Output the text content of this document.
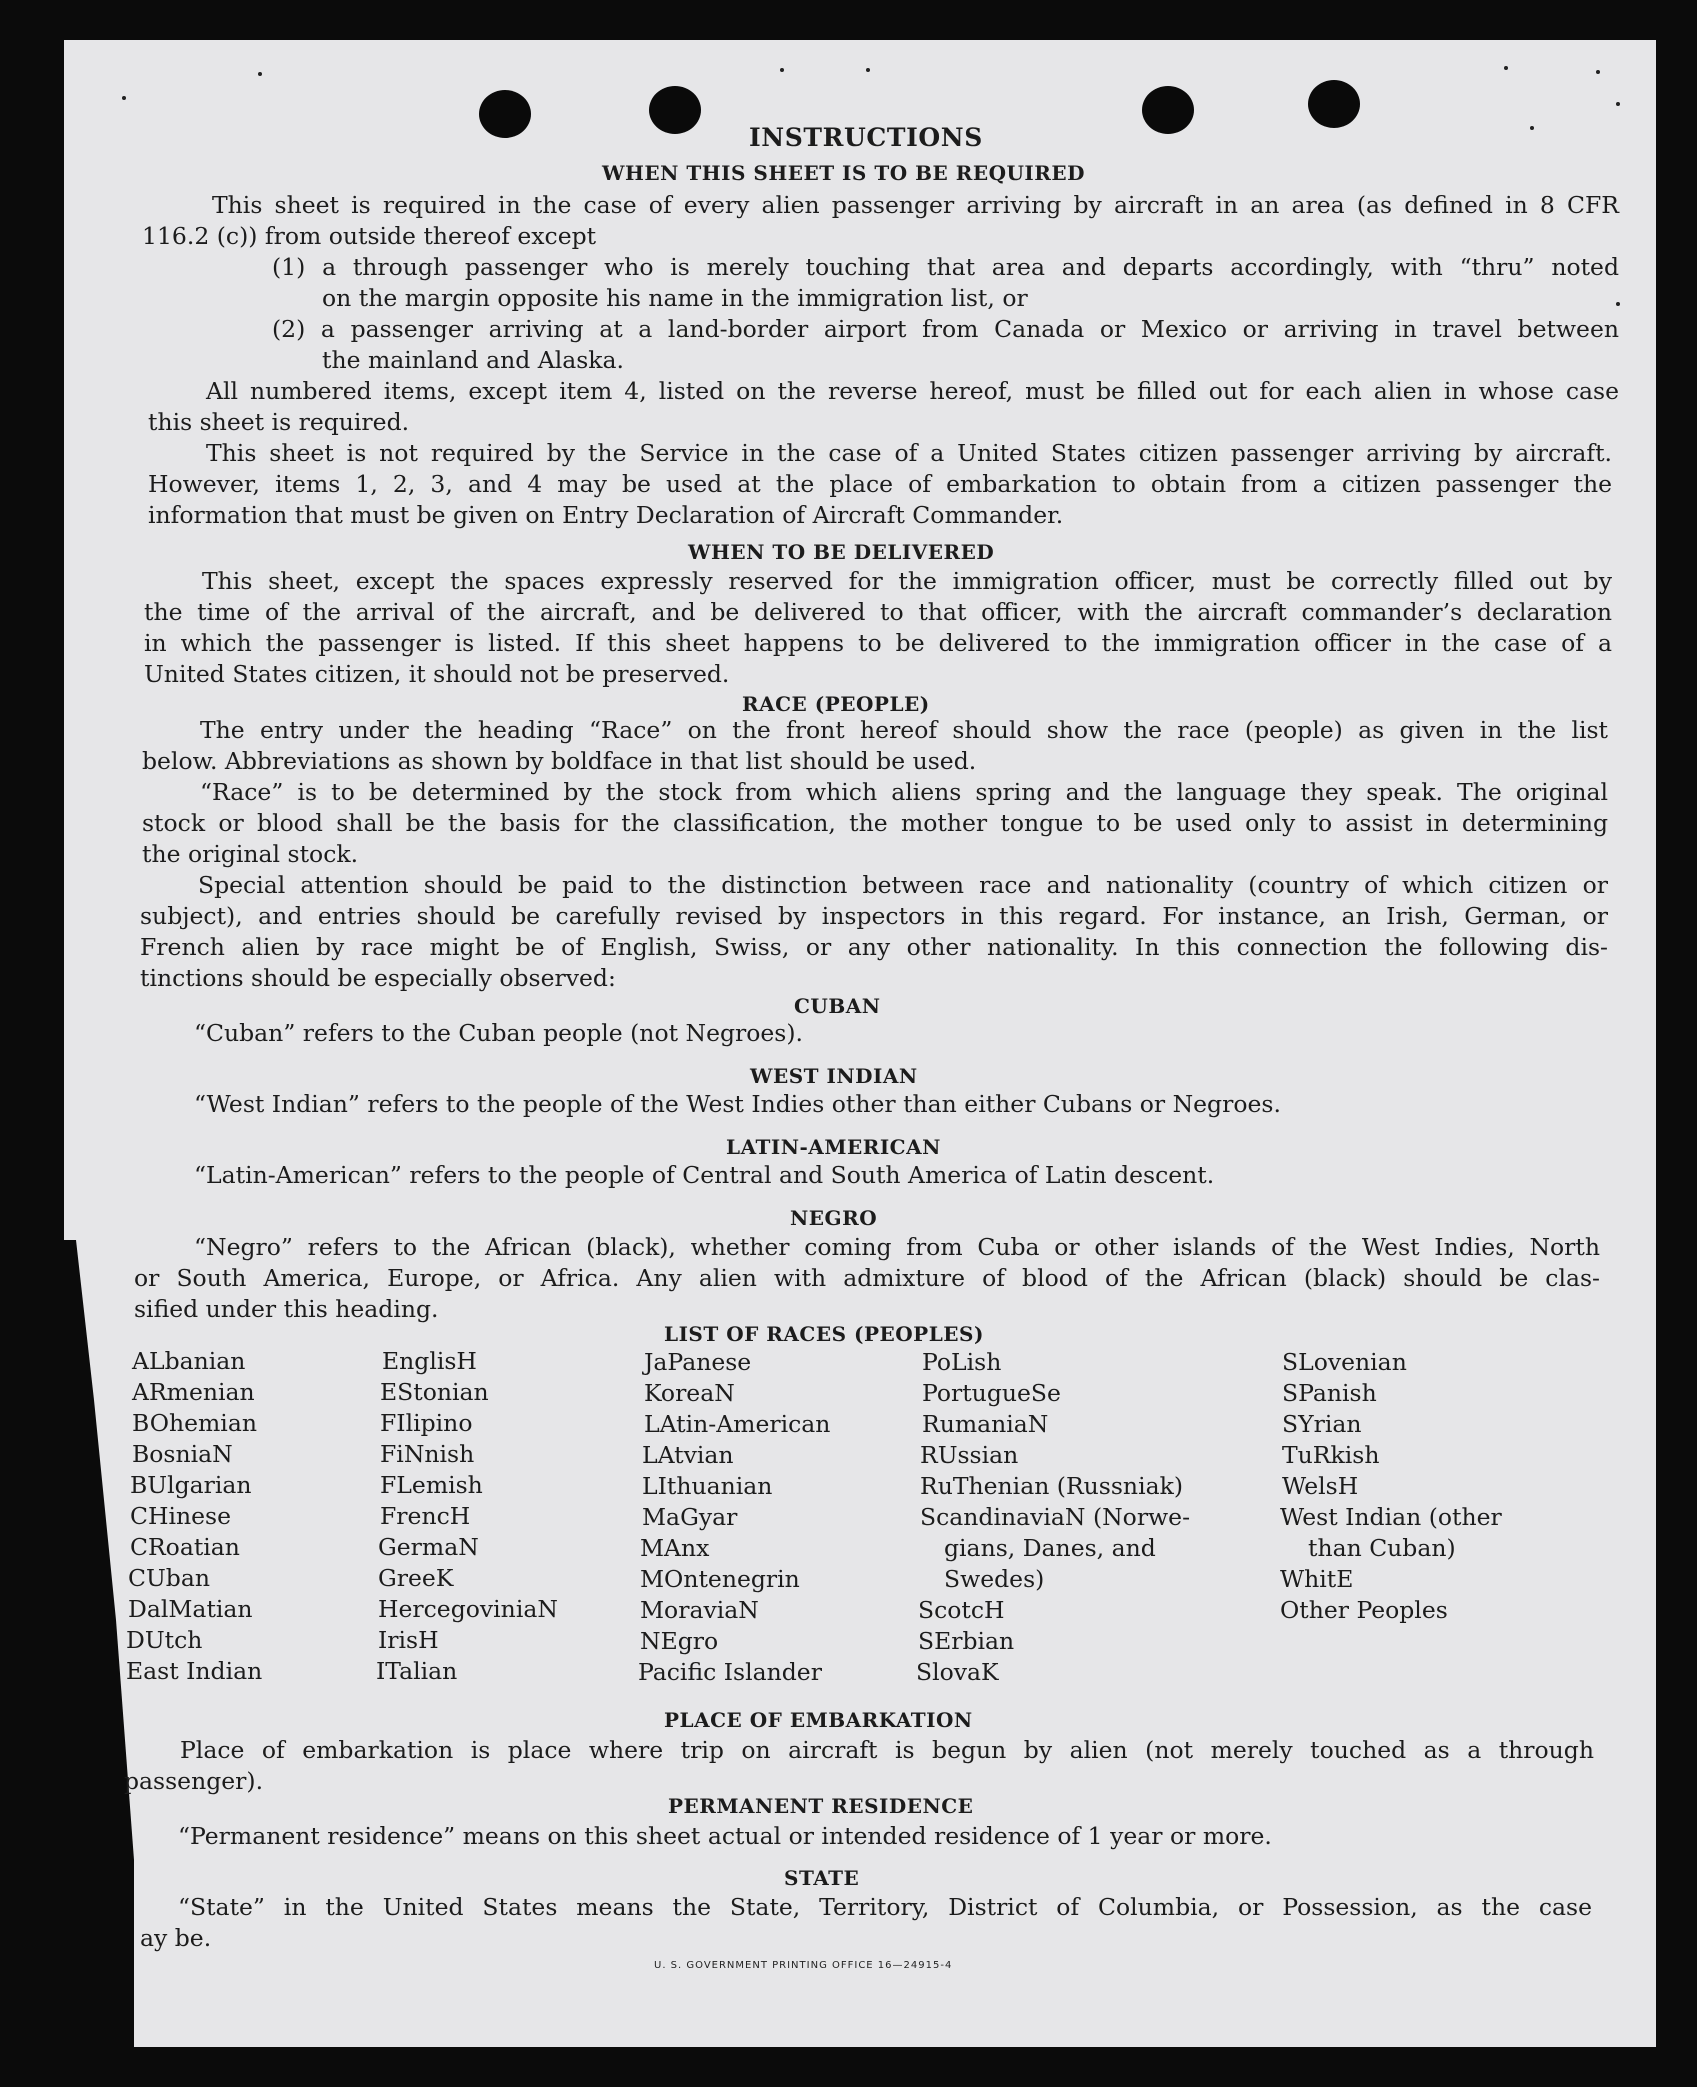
INSTRUCTIONS
WHEN THIS SHEET IS TO BE REQUIRED
This sheet is required in the case of every alien passenger arriving by aircraft in an area (as defined in 8 CFR
116.2 (c)) from outside thereof except
(1) a through passenger who is merely touching that area and departs accordingly, with “thru” noted
on the margin opposite his name in the immigration list, or
(2) a passenger arriving at a land-border airport from Canada or Mexico or arriving in travel between
the mainland and Alaska.
All numbered items, except item 4, listed on the reverse hereof, must be filled out for each alien in whose case
this sheet is required.
This sheet is not required by the Service in the case of a United States citizen passenger arriving by aircraft.
However, items 1, 2, 3, and 4 may be used at the place of embarkation to obtain from a citizen passenger the
information that must be given on Entry Declaration of Aircraft Commander.
WHEN TO BE DELIVERED
This sheet, except the spaces expressly reserved for the immigration officer, must be correctly filled out by
the time of the arrival of the aircraft, and be delivered to that officer, with the aircraft commander’s declaration
in which the passenger is listed. If this sheet happens to be delivered to the immigration officer in the case of a
United States citizen, it should not be preserved.
RACE (PEOPLE)
The entry under the heading “Race” on the front hereof should show the race (people) as given in the list
below. Abbreviations as shown by boldface in that list should be used.
“Race” is to be determined by the stock from which aliens spring and the language they speak. The original
stock or blood shall be the basis for the classification, the mother tongue to be used only to assist in determining
the original stock.
Special attention should be paid to the distinction between race and nationality (country of which citizen or
subject), and entries should be carefully revised by inspectors in this regard. For instance, an Irish, German, or
French alien by race might be of English, Swiss, or any other nationality. In this connection the following dis-
tinctions should be especially observed:
CUBAN
“Cuban” refers to the Cuban people (not Negroes).
WEST INDIAN
“West Indian” refers to the people of the West Indies other than either Cubans or Negroes.
LATIN-AMERICAN
“Latin-American” refers to the people of Central and South America of Latin descent.
NEGRO
“Negro” refers to the African (black), whether coming from Cuba or other islands of the West Indies, North
or South America, Europe, or Africa. Any alien with admixture of blood of the African (black) should be clas-
sified under this heading.
LIST OF RACES (PEOPLES)
ALbanian
ARmenian
BOhemian
BosniaN
BUlgarian
CHinese
CRoatian
CUban
DalMatian
DUtch
East Indian
EnglisH
EStonian
FIlipino
FiNnish
FLemish
FrencH
GermaN
GreeK
HercegoviniaN
IrisH
ITalian
JaPanese
KoreaN
LAtin-American
LAtvian
LIthuanian
MaGyar
MAnx
MOntenegrin
MoraviaN
NEgro
Pacific Islander
PoLish
PortugueSe
RumaniaN
RUssian
RuThenian (Russniak)
ScandinaviaN (Norwe-
gians, Danes, and
Swedes)
ScotcH
SErbian
SlovaK
SLovenian
SPanish
SYrian
TuRkish
WelsH
West Indian (other
than Cuban)
WhitE
Other Peoples
PLACE OF EMBARKATION
Place of embarkation is place where trip on aircraft is begun by alien (not merely touched as a through
passenger).
PERMANENT RESIDENCE
“Permanent residence” means on this sheet actual or intended residence of 1 year or more.
STATE
“State” in the United States means the State, Territory, District of Columbia, or Possession, as the case
ay be.
U. S. GOVERNMENT PRINTING OFFICE 16—24915-4
